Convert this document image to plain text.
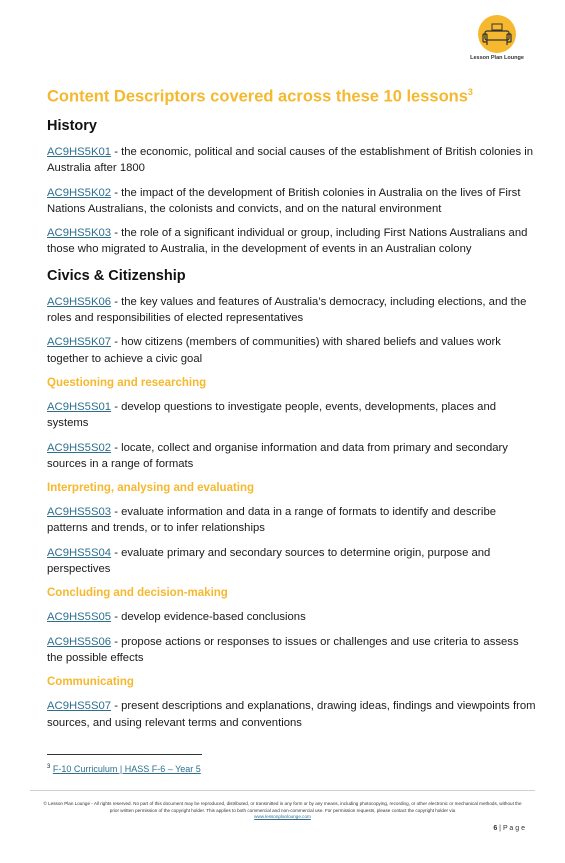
Lesson Plan Lounge
Content Descriptors covered across these 10 lessons$^3$
History
AC9HS5K01 - the economic, political and social causes of the establishment of British colonies in Australia after 1800
AC9HS5K02 - the impact of the development of British colonies in Australia on the lives of First Nations Australians, the colonists and convicts, and on the natural environment
AC9HS5K03 - the role of a significant individual or group, including First Nations Australians and those who migrated to Australia, in the development of events in an Australian colony
Civics & Citizenship
AC9HS5K06 - the key values and features of Australia’s democracy, including elections, and the roles and responsibilities of elected representatives
AC9HS5K07 - how citizens (members of communities) with shared beliefs and values work together to achieve a civic goal
Questioning and researching
AC9HS5S01 - develop questions to investigate people, events, developments, places and systems
AC9HS5S02 - locate, collect and organise information and data from primary and secondary sources in a range of formats
Interpreting, analysing and evaluating
AC9HS5S03 - evaluate information and data in a range of formats to identify and describe patterns and trends, or to infer relationships
AC9HS5S04 - evaluate primary and secondary sources to determine origin, purpose and perspectives
Concluding and decision-making
AC9HS5S05 - develop evidence-based conclusions
AC9HS5S06 - propose actions or responses to issues or challenges and use criteria to assess the possible effects
Communicating
AC9HS5S07 - present descriptions and explanations, drawing ideas, findings and viewpoints from sources, and using relevant terms and conventions
$^3$ F-10 Curriculum | HASS F-6 – Year 5
© Lesson Plan Lounge - All rights reserved. No part of this document may be reproduced, distributed, or transmitted in any form or by any means, including photocopying, recording, or other electronic or mechanical methods, without the prior written permission of the copyright holder. This applies to both commercial and non-commercial use. For permission requests, please contact the copyright holder via
www.lessonplanlounge.com
6 | P a g e
